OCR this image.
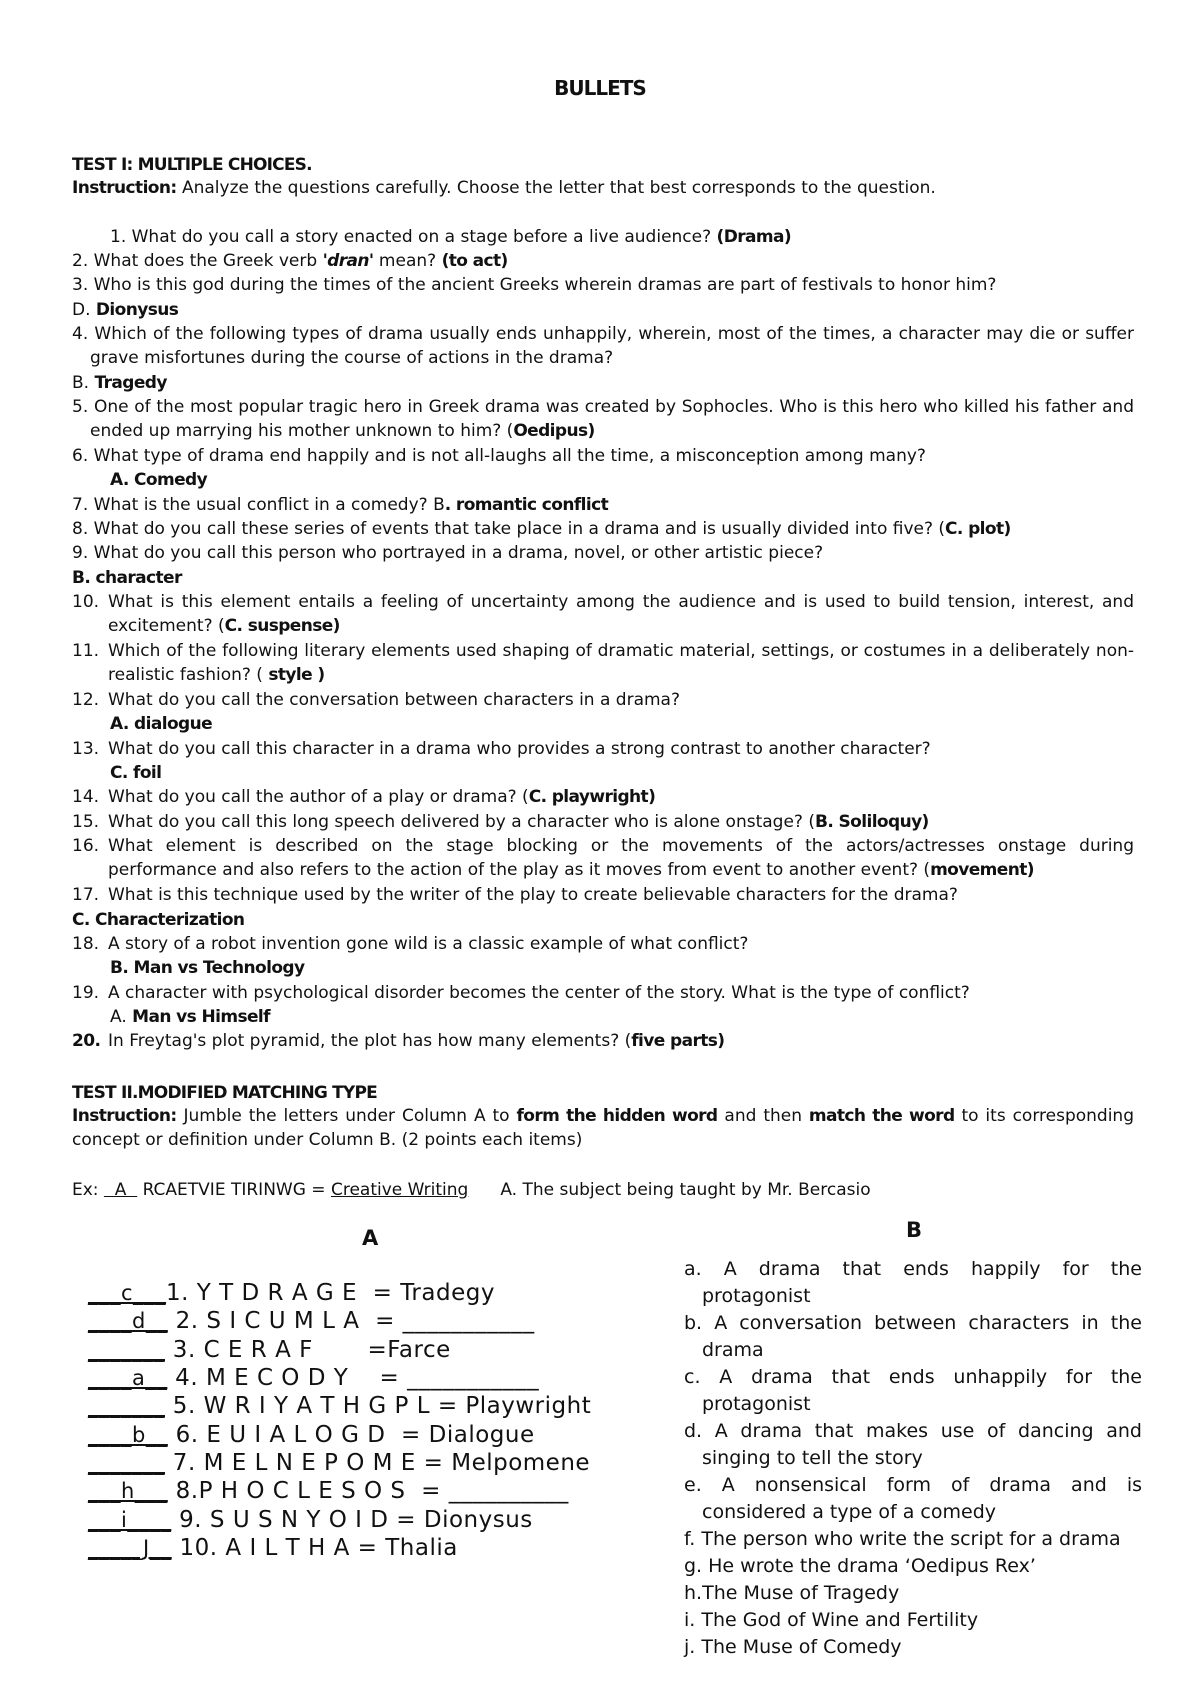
BULLETS
TEST I: MULTIPLE CHOICES.
Instruction: Analyze the questions carefully. Choose the letter that best corresponds to the question.
1. What do you call a story enacted on a stage before a live audience? (Drama)
2. What does the Greek verb 'dran' mean? (to act)
3. Who is this god during the times of the ancient Greeks wherein dramas are part of festivals to honor him?
D. Dionysus
4. Which of the following types of drama usually ends unhappily, wherein, most of the times, a character may die or suffer grave misfortunes during the course of actions in the drama?
B. Tragedy
5. One of the most popular tragic hero in Greek drama was created by Sophocles. Who is this hero who killed his father and ended up marrying his mother unknown to him? (Oedipus)
6. What type of drama end happily and is not all-laughs all the time, a misconception among many?
A. Comedy
7. What is the usual conflict in a comedy? B. romantic conflict
8. What do you call these series of events that take place in a drama and is usually divided into five? (C. plot)
9. What do you call this person who portrayed in a drama, novel, or other artistic piece?
B. character
10. What is this element entails a feeling of uncertainty among the audience and is used to build tension, interest, and excitement? (C. suspense)
11. Which of the following literary elements used shaping of dramatic material, settings, or costumes in a deliberately non-realistic fashion? ( style )
12. What do you call the conversation between characters in a drama?
A. dialogue
13. What do you call this character in a drama who provides a strong contrast to another character?
C. foil
14. What do you call the author of a play or drama? (C. playwright)
15. What do you call this long speech delivered by a character who is alone onstage? (B. Soliloquy)
16. What element is described on the stage blocking or the movements of the actors/actresses onstage during performance and also refers to the action of the play as it moves from event to another event? (movement)
17. What is this technique used by the writer of the play to create believable characters for the drama?
C. Characterization
18. A story of a robot invention gone wild is a classic example of what conflict?
B. Man vs Technology
19. A character with psychological disorder becomes the center of the story. What is the type of conflict?
A. Man vs Himself
20. In Freytag's plot pyramid, the plot has how many elements? (five parts)
TEST II.MODIFIED MATCHING TYPE
Instruction: Jumble the letters under Column A to form the hidden word and then match the word to its corresponding concept or definition under Column B. (2 points each items)
Ex:   A   RCAETVIE TIRINWG = Creative Writing A. The subject being taught by Mr. Bercasio
A	B
___c___1. Y T D R A G E  = Tradegy
____d__ 2. S I C U M L A  = ___________
_______ 3. C E R A F       =Farce
____a__ 4. M E C O D Y    = ___________
_______ 5. W R I Y A T H G P L = Playwright
____b__ 6. E U I A L O G D  = Dialogue
_______ 7. M E L N E P O M E = Melpomene
___h___ 8.P H O C L E S O S  = __________
___i____ 9. S U S N Y O I D = Dionysus
_____J__ 10. A I L T H A = Thalia
a. A drama that ends happily for the protagonist
b. A conversation between characters in the drama
c. A drama that ends unhappily for the protagonist
d. A drama that makes use of dancing and singing to tell the story
e. A nonsensical form of drama and is considered a type of a comedy
f. The person who write the script for a drama
g. He wrote the drama ‘Oedipus Rex’
h.The Muse of Tragedy
i. The God of Wine and Fertility
j. The Muse of Comedy
